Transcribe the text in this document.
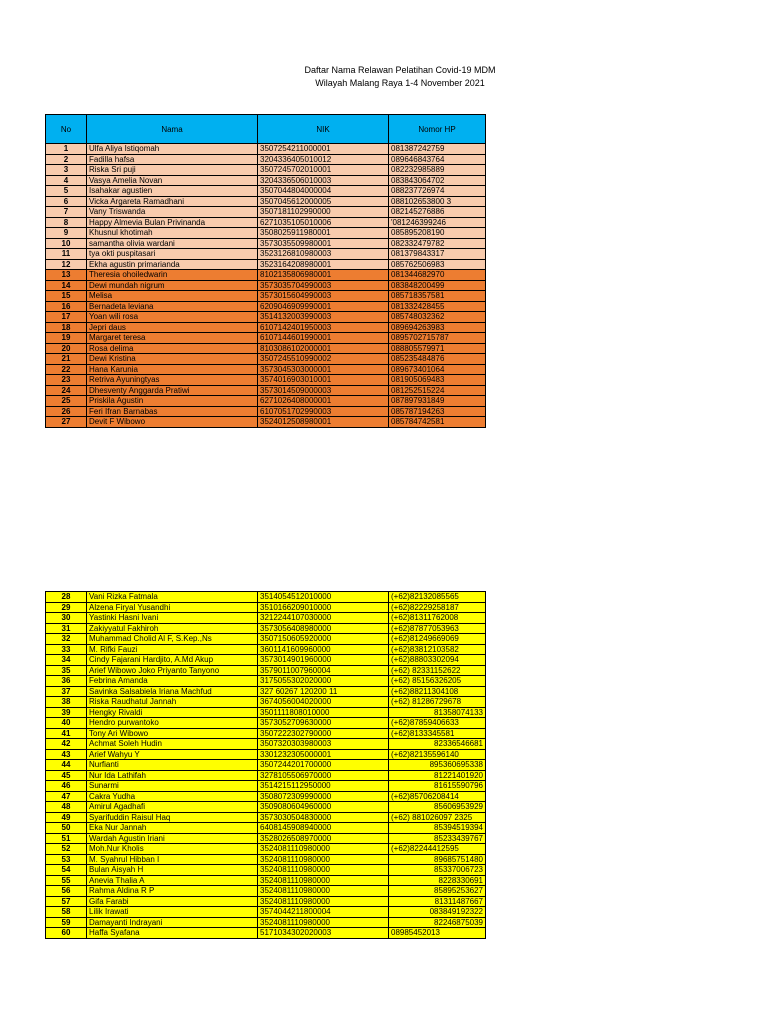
Daftar Nama Relawan Pelatihan Covid-19 MDM
Wilayah Malang Raya 1-4 November 2021
No	Nama	NIK	Nomor HP
1	Ulfa Aliya Istiqomah	3507254211000001	081387242759
2	Fadilla hafsa	3204336405010012	089646843764
3	Riska Sri puji	3507245702010001	082232985889
4	Vasya Amelia Novan	3204336506010003	083843064702
5	Isahakar agustien	3507044804000004	088237726974
6	Vicka Argareta Ramadhani	3507045612000005	088102653800 3
7	Vany Triswanda	3507181102990000	082145276886
8	Happy Almevia Bulan Privinanda	6271035105010006	'081246399246
9	Khusnul khotimah	3508025911980001	085895208190
10	samantha olivia wardani	3573035509980001	082332479782
11	tya okti puspitasari	3523126810980003	081379843317
12	Ekha agustin primarianda	3523164208980001	085762506983
13	Theresia ohoiledwarin	8102135806980001	081344682970
14	Dewi mundah nigrum	3573035704990003	083848200499
15	Melisa	3573015604990003	085718357581
16	Bernadeta leviana	6209046909990001	081332428455
17	Yoan wili rosa	3514132003990003	085748032362
18	Jepri daus	6107142401950003	089694263983
19	Margaret teresa	6107144601990001	0895702715787
20	Rosa delima	8103086102000001	088805579971
21	Dewi Kristina	3507245510990002	085235484876
22	Hana Karunia	3573045303000001	089673401064
23	Retriva Ayuningtyas	3574016903010001	081905069483
24	Dhesventy Anggarda Pratiwi	3573014509000003	081252515224
25	Priskila Agustin	6271026408000001	087897931849
26	Feri Ifran Barnabas	6107051702990003	085787194263
27	Devit F Wibowo	3524012508980001	085784742581
28	Vani Rizka Fatmala	3514054512010000	(+62)82132085565
29	Alzena Firyal Yusandhi	3510166209010000	(+62)82229258187
30	Yastinki Hasni Ivani	3212244107030000	(+62)81311762008
31	Zakiyyatul Fakhiroh	3573056408980000	(+62)87877053963
32	Muhammad Cholid Al F, S.Kep.,Ns	3507150605920000	(+62)81249669069
33	M. Rifki Fauzi	3601141609960000	(+62)83812103582
34	Cindy Fajarani Hardjito, A.Md Akup	3573014901960000	(+62)88803302094
35	Arief Wibowo Joko Priyanto Tanyono	3579011007960004	(+62) 82331152622
36	Febrina Amanda	3175055302020000	(+62) 85156326205
37	Savinka Salsabiela Iriana Machfud	327 60267 120200 11	(+62)88211304108
38	Riska Raudhatul Jannah	3674056004020000	(+62) 81286729678
39	Hengky Rivaldi	3501111808010000	81358074133
40	Hendro purwantoko	3573052709630000	(+62)87859406633
41	Tony Ari Wibowo	3507222302790000	(+62)8133345581
42	Achmat Soleh Hudin	3507320303980003	82336546681
43	Arief Wahyu Y	3301232305000001	(+62)82135596140
44	Nurfianti	3507244201700000	895360695338
45	Nur Ida Lathifah	3278105506970000	81221401920
46	Sunarmi	3514215112950000	81615590796
47	Cakra Yudha	3508072309990000	(+62)85706208414
48	Amirul Agadhafi	3509080604960000	85606953929
49	Syarifuddin Raisul Haq	3573030504830000	(+62) 881026097 2325
50	Eka Nur Jannah	6408145908940000	85394519394
51	Wardah Agustin Iriani	3528026508970000	85233439767
52	Moh.Nur Kholis	3524081110980000	(+62)82244412595
53	M. Syahrul Hibban I	3524081110980000	89685751480
54	Bulan Aisyah H	3524081110980000	85337006723
55	Anevia Thalia A	3524081110980000	8228330691
56	Rahma Aldina R P	3524081110980000	85895253627
57	Gifa Farabi	3524081110980000	81311487667
58	Lilik Irawati	3574044211800004	083849192322
59	Damayanti Indrayani	3524081110980000	82246875039
60	Haffa Syafana	5171034302020003	08985452013
